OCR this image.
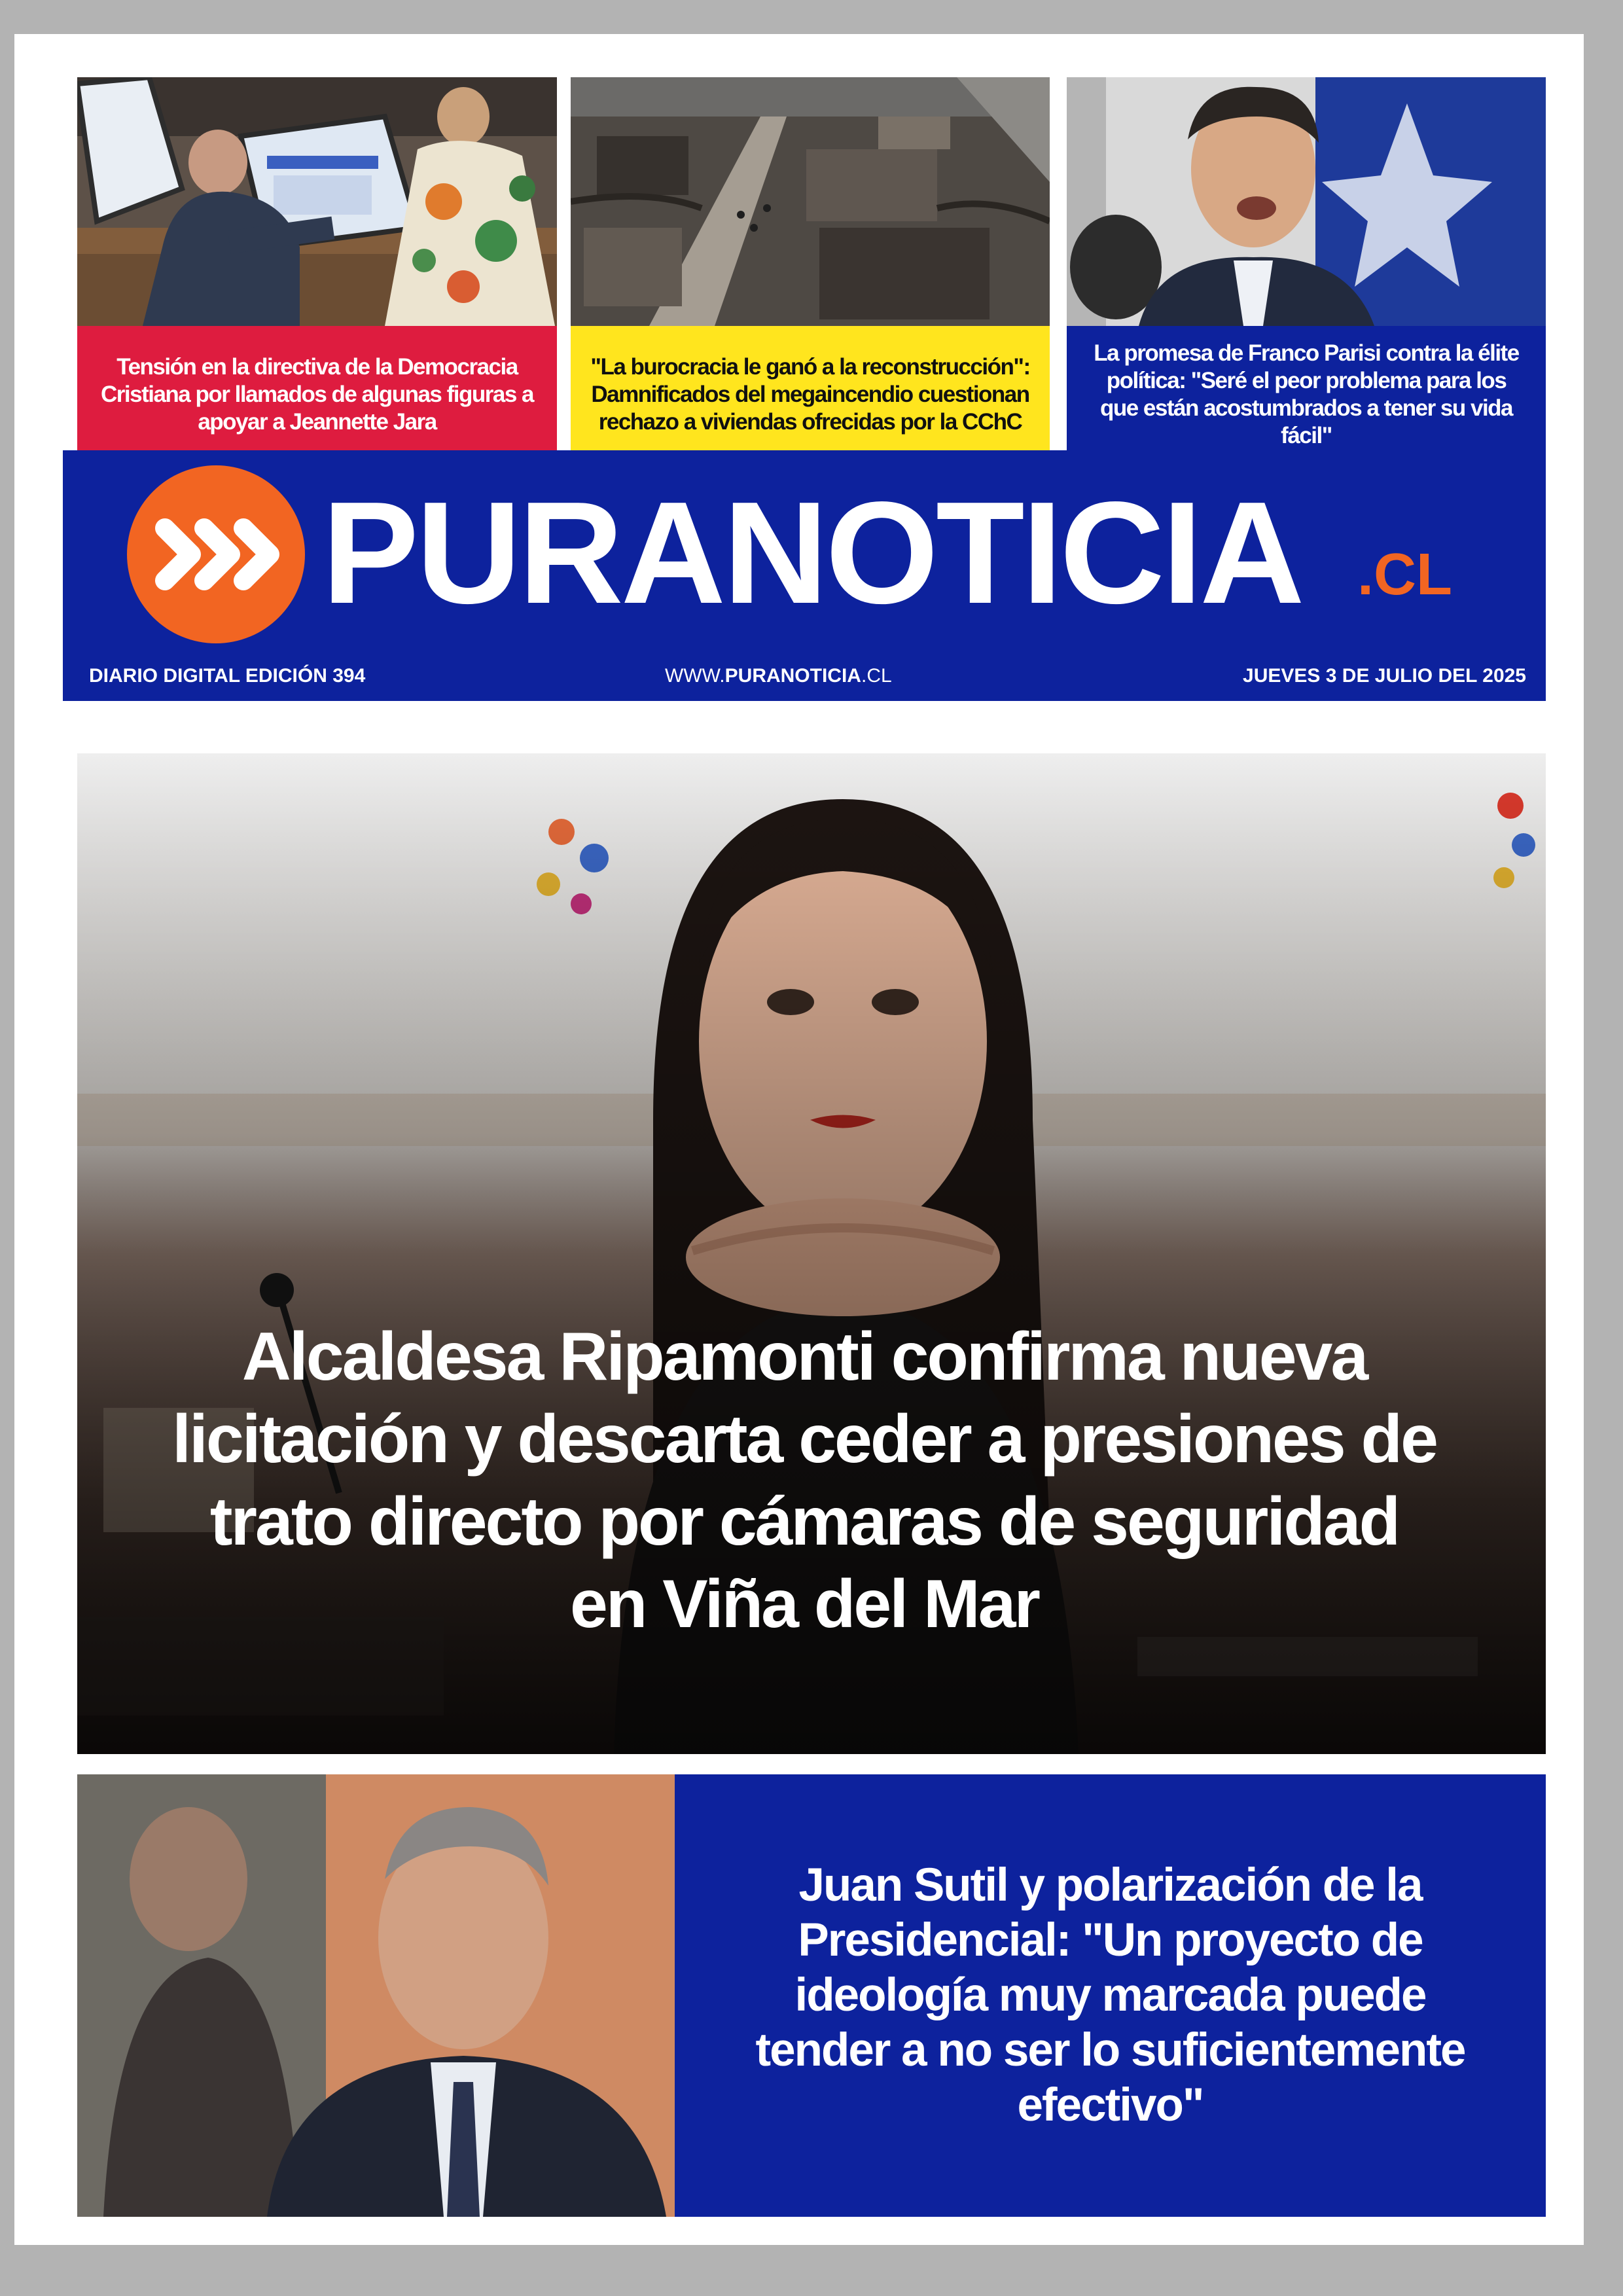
Tensión en la directiva de la Democracia Cristiana por llamados de algunas figuras a apoyar a Jeannette Jara
"La burocracia le ganó a la reconstrucción": Damnificados del megaincendio cuestionan rechazo a viviendas ofrecidas por la CChC
La promesa de Franco Parisi contra la élite política: "Seré el peor problema para los que están acostumbrados a tener su vida fácil"
PURANOTICIA .CL
DIARIO DIGITAL EDICIÓN 394	WWW.PURANOTICIA.CL	JUEVES 3 DE JULIO DEL 2025
Alcaldesa Ripamonti confirma nueva licitación y descarta ceder a presiones de trato directo por cámaras de seguridad en Viña del Mar
Juan Sutil y polarización de la Presidencial: "Un proyecto de ideología muy marcada puede tender a no ser lo suficientemente efectivo"
